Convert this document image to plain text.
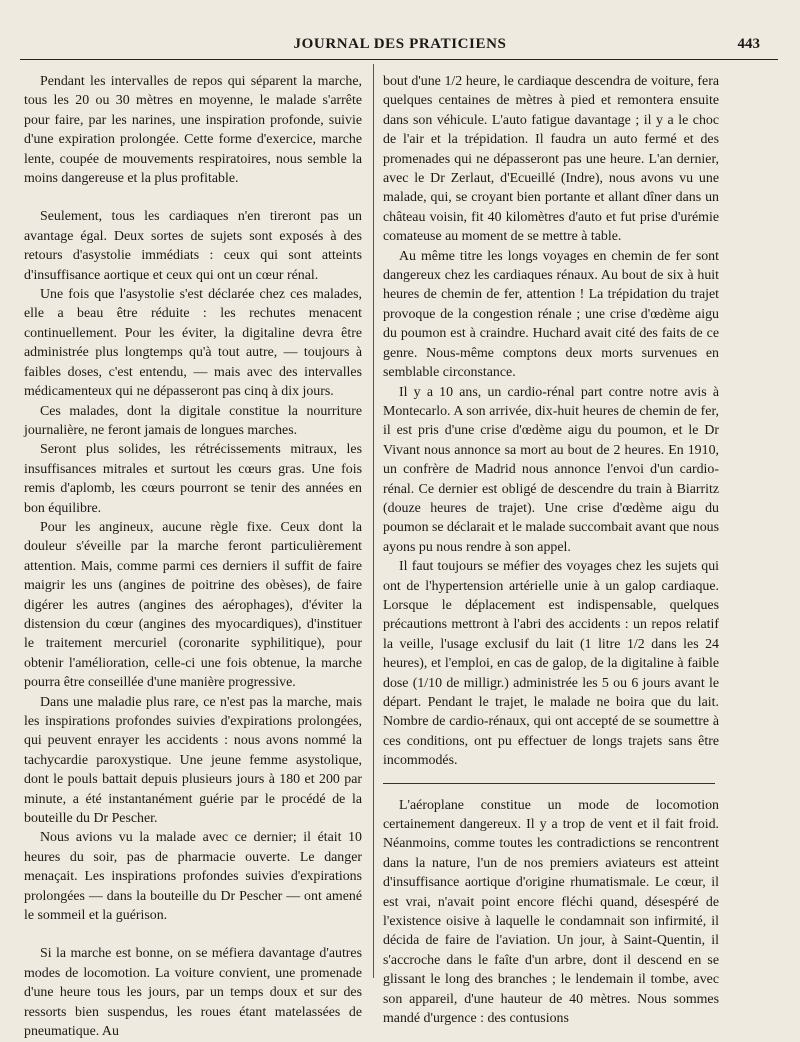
JOURNAL DES PRATICIENS	443

Pendant les intervalles de repos qui séparent la marche, tous les 20 ou 30 mètres en moyenne, le malade s'arrête pour faire, par les narines, une inspiration profonde, suivie d'une expiration prolongée. Cette forme d'exercice, marche lente, coupée de mouvements respiratoires, nous semble la moins dangereuse et la plus profitable.

Seulement, tous les cardiaques n'en tireront pas un avantage égal. Deux sortes de sujets sont exposés à des retours d'asystolie immédiats : ceux qui sont atteints d'insuffisance aortique et ceux qui ont un cœur rénal.

Une fois que l'asystolie s'est déclarée chez ces malades, elle a beau être réduite : les rechutes menacent continuellement. Pour les éviter, la digitaline devra être administrée plus longtemps qu'à tout autre, — toujours à faibles doses, c'est entendu, — mais avec des intervalles médicamenteux qui ne dépasseront pas cinq à dix jours.

Ces malades, dont la digitale constitue la nourriture journalière, ne feront jamais de longues marches.

Seront plus solides, les rétrécissements mitraux, les insuffisances mitrales et surtout les cœurs gras. Une fois remis d'aplomb, les cœurs pourront se tenir des années en bon équilibre.

Pour les angineux, aucune règle fixe. Ceux dont la douleur s'éveille par la marche feront particulièrement attention. Mais, comme parmi ces derniers il suffit de faire maigrir les uns (angines de poitrine des obèses), de faire digérer les autres (angines des aérophages), d'éviter la distension du cœur (angines des myocardiques), d'instituer le traitement mercuriel (coronarite syphilitique), pour obtenir l'amélioration, celle-ci une fois obtenue, la marche pourra être conseillée d'une manière progressive.

Dans une maladie plus rare, ce n'est pas la marche, mais les inspirations profondes suivies d'expirations prolongées, qui peuvent enrayer les accidents : nous avons nommé la tachycardie paroxystique. Une jeune femme asystolique, dont le pouls battait depuis plusieurs jours à 180 et 200 par minute, a été instantanément guérie par le procédé de la bouteille du Dr Pescher.

Nous avions vu la malade avec ce dernier; il était 10 heures du soir, pas de pharmacie ouverte. Le danger menaçait. Les inspirations profondes suivies d'expirations prolongées — dans la bouteille du Dr Pescher — ont amené le sommeil et la guérison.

Si la marche est bonne, on se méfiera davantage d'autres modes de locomotion. La voiture convient, une promenade d'une heure tous les jours, par un temps doux et sur des ressorts bien suspendus, les roues étant matelassées de pneumatique. Au

bout d'une 1/2 heure, le cardiaque descendra de voiture, fera quelques centaines de mètres à pied et remontera ensuite dans son véhicule. L'auto fatigue davantage ; il y a le choc de l'air et la trépidation. Il faudra un auto fermé et des promenades qui ne dépasseront pas une heure. L'an dernier, avec le Dr Zerlaut, d'Ecueillé (Indre), nous avons vu une malade, qui, se croyant bien portante et allant dîner dans un château voisin, fit 40 kilomètres d'auto et fut prise d'urémie comateuse au moment de se mettre à table.

Au même titre les longs voyages en chemin de fer sont dangereux chez les cardiaques rénaux. Au bout de six à huit heures de chemin de fer, attention ! La trépidation du trajet provoque de la congestion rénale ; une crise d'œdème aigu du poumon est à craindre. Huchard avait cité des faits de ce genre. Nous-même comptons deux morts survenues en semblable circonstance.

Il y a 10 ans, un cardio-rénal part contre notre avis à Montecarlo. A son arrivée, dix-huit heures de chemin de fer, il est pris d'une crise d'œdème aigu du poumon, et le Dr Vivant nous annonce sa mort au bout de 2 heures. En 1910, un confrère de Madrid nous annonce l'envoi d'un cardio-rénal. Ce dernier est obligé de descendre du train à Biarritz (douze heures de trajet). Une crise d'œdème aigu du poumon se déclarait et le malade succombait avant que nous ayons pu nous rendre à son appel.

Il faut toujours se méfier des voyages chez les sujets qui ont de l'hypertension artérielle unie à un galop cardiaque. Lorsque le déplacement est indispensable, quelques précautions mettront à l'abri des accidents : un repos relatif la veille, l'usage exclusif du lait (1 litre 1/2 dans les 24 heures), et l'emploi, en cas de galop, de la digitaline à faible dose (1/10 de milligr.) administrée les 5 ou 6 jours avant le départ. Pendant le trajet, le malade ne boira que du lait. Nombre de cardio-rénaux, qui ont accepté de se soumettre à ces conditions, ont pu effectuer de longs trajets sans être incommodés.

L'aéroplane constitue un mode de locomotion certainement dangereux. Il y a trop de vent et il fait froid. Néanmoins, comme toutes les contradictions se rencontrent dans la nature, l'un de nos premiers aviateurs est atteint d'insuffisance aortique d'origine rhumatismale. Le cœur, il est vrai, n'avait point encore fléchi quand, désespéré de l'existence oisive à laquelle le condamnait son infirmité, il décida de faire de l'aviation. Un jour, à Saint-Quentin, il s'accroche dans le faîte d'un arbre, dont il descend en se glissant le long des branches ; le lendemain il tombe, avec son appareil, d'une hauteur de 40 mètres. Nous sommes mandé d'urgence : des contusions
